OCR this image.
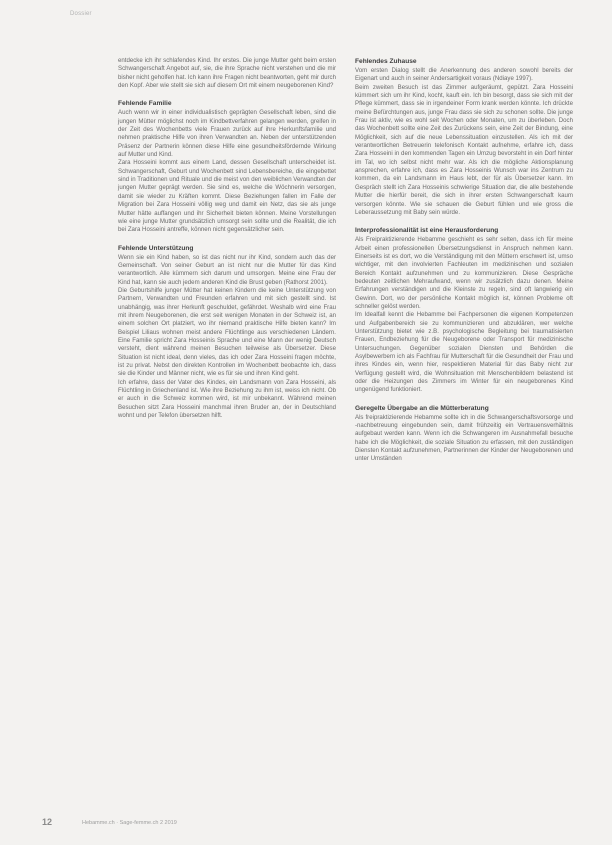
Dossier

entdecke ich ihr schlafendes Kind. Ihr erstes. Die junge Mutter geht beim ersten Schwangerschaft Angebot auf, sie, die ihre Sprache nicht verstehen und die mir bisher nicht geholfen hat. Ich kann ihre Fragen nicht beantworten, geht mir durch den Kopf. Aber wie stellt sie sich auf diesem Ort mit einem neugeborenen Kind?

Fehlende Familie

Auch wenn wir in einer individualistisch geprägten Gesellschaft leben, sind die jungen Mütter möglichst noch im Kindbettverfahren gelangen werden, greifen in der Zeit des Wochenbetts viele Frauen zurück auf ihre Herkunftsfamilie und nehmen praktische Hilfe von ihren Verwandten an. Neben der unterstützenden Präsenz der Partnerin können diese Hilfe eine gesundheitsfördernde Wirkung auf Mutter und Kind.

Zara Hosseini kommt aus einem Land, dessen Gesellschaft unterscheidet ist. Schwangerschaft, Geburt und Wochenbett sind Lebensbereiche, die eingebettet sind in Traditionen und Rituale und die meist von den weiblichen Verwandten der jungen Mutter geprägt werden. Sie sind es, welche die Wöchnerin versorgen, damit sie wieder zu Kräften kommt. Diese Beziehungen fallen im Falle der Migration bei Zara Hosseini völlig weg und damit ein Netz, das sie als junge Mutter hätte auffangen und ihr Sicherheit bieten können. Meine Vorstellungen wie eine junge Mutter grundsätzlich umsorgt sein sollte und die Realität, die ich bei Zara Hosseini antreffe, können nicht gegensätzlicher sein.

Fehlende Unterstützung

Wenn sie ein Kind haben, so ist das nicht nur ihr Kind, sondern auch das der Gemeinschaft. Von seiner Geburt an ist nicht nur die Mutter für das Kind verantwortlich. Alle kümmern sich darum und umsorgen. Meine eine Frau der Kind hat, kann sie auch jedem anderen Kind die Brust geben (Rathorst 2001).

Die Geburtshilfe junger Mütter hat keinen Kindern die keine Unterstützung von Partnern, Verwandten und Freunden erfahren und mit sich gestellt sind. Ist unabhängig, was ihrer Herkunft geschuldet, gefährdet. Weshalb wird eine Frau mit ihrem Neugeborenen, die erst seit wenigen Monaten in der Schweiz ist, an einem solchen Ort platziert, wo ihr niemand praktische Hilfe bieten kann? Im Beispiel Liliaus wohnen meist andere Flüchtlinge aus verschiedenen Ländern. Eine Familie spricht Zara Hosseinis Sprache und eine Mann der wenig Deutsch versteht, dient während meinen Besuchen teilweise als Übersetzer. Diese Situation ist nicht ideal, denn vieles, das ich oder Zara Hosseini fragen möchte, ist zu privat. Nebst den direkten Kontrollen im Wochenbett beobachte ich, dass sie die Kinder und Männer nicht, wie es für sie und ihren Kind geht.

Ich erfahre, dass der Vater des Kindes, ein Landsmann von Zara Hosseini, als Flüchtling in Griechenland ist. Wie ihre Beziehung zu ihm ist, weiss ich nicht. Ob er auch in die Schweiz kommen wird, ist mir unbekannt. Während meinen Besuchen sitzt Zara Hosseini manchmal ihren Bruder an, der in Deutschland wohnt und per Telefon übersetzen hilft.

Fehlendes Zuhause

Vom ersten Dialog stellt die Anerkennung des anderen sowohl bereits der Eigenart und auch in seiner Andersartigkeit voraus (Ndiaye 1997).

Beim zweiten Besuch ist das Zimmer aufgeräumt, gepützt. Zara Hosseini kümmert sich um ihr Kind, kocht, kauft ein. Ich bin besorgt, dass sie sich mit der Pflege kümmert, dass sie in irgendeiner Form krank werden könnte. Ich drückte meine Befürchtungen aus, junge Frau dass sie sich zu schonen sollte. Die junge Frau ist aktiv, wie es wohl seit Wochen oder Monaten, um zu überleben. Doch das Wochenbett sollte eine Zeit des Zurückens sein, eine Zeit der Bindung, eine Möglichkeit, sich auf die neue Lebenssituation einzustellen. Als ich mit der verantwortlichen Betreuerin telefonisch Kontakt aufnehme, erfahre ich, dass Zara Hosseini in den kommenden Tagen ein Umzug bevorsteht in ein Dorf hinter im Tal, wo ich selbst nicht mehr war. Als ich die mögliche Aktionsplanung ansprechen, erfahre ich, dass es Zara Hosseinis Wunsch war ins Zentrum zu kommen, da ein Landsmann im Haus lebt, der für als Übersetzer kann. Im Gespräch stellt ich Zara Hosseinis schwierige Situation dar, die alle bestehende Mutter die hierfür bereit, die sich in ihrer ersten Schwangerschaft kaum versorgen könnte. Wie sie schauen die Geburt fühlen und wie gross die Leberaussetzung mit Baby sein würde.

Interprofessionalität ist eine Herausforderung

Als Freipraktizierende Hebamme geschieht es sehr selten, dass ich für meine Arbeit einen professionellen Übersetzungsdienst in Anspruch nehmen kann. Einerseits ist es dort, wo die Verständigung mit den Müttern erschwert ist, umso wichtiger, mit den involvierten Fachleuten im medizinischen und sozialen Bereich Kontakt aufzunehmen und zu kommunizieren. Diese Gespräche bedeuten zeitlichen Mehraufwand, wenn wir zusätzlich dazu denen. Meine Erfahrungen verständigen und die Kleinste zu regeln, sind oft langwierig ein Gewinn. Dort, wo der persönliche Kontakt möglich ist, können Probleme oft schneller gelöst werden.

Im Idealfall kennt die Hebamme bei Fachpersonen die eigenen Kompetenzen und Aufgabenbereich sie zu kommunizieren und abzuklären, wer welche Unterstützung bietet wie z.B. psychologische Begleitung bei traumatisierten Frauen, Endbeziehung für die Neugeborene oder Transport für medizinische Untersuchungen. Gegenüber sozialen Diensten und Behörden die Asylbewerbern ich als Fachfrau für Mutterschaft für die Gesundheit der Frau und ihres Kindes ein, wenn hier, respektieren Material für das Baby nicht zur Verfügung gestellt wird, die Wohnsituation mit Menschenbildern belastend ist oder die Heizungen des Zimmers im Winter für ein neugeborenes Kind ungenügend funktioniert.

Geregelte Übergabe an die Mütterberatung

Als freipraktizierende Hebamme sollte ich in die Schwangerschaftsvorsorge und -nachbetreuung eingebunden sein, damit frühzeitig ein Vertrauensverhältnis aufgebaut werden kann. Wenn ich die Schwangeren im Ausnahmefall besuche habe ich die Möglichkeit, die soziale Situation zu erfassen, mit den zuständigen Diensten Kontakt aufzunehmen, Partnerinnen der Kinder der Neugeborenen und unter Umständen

12	Hebamme.ch · Sage-femme.ch 2 2019
